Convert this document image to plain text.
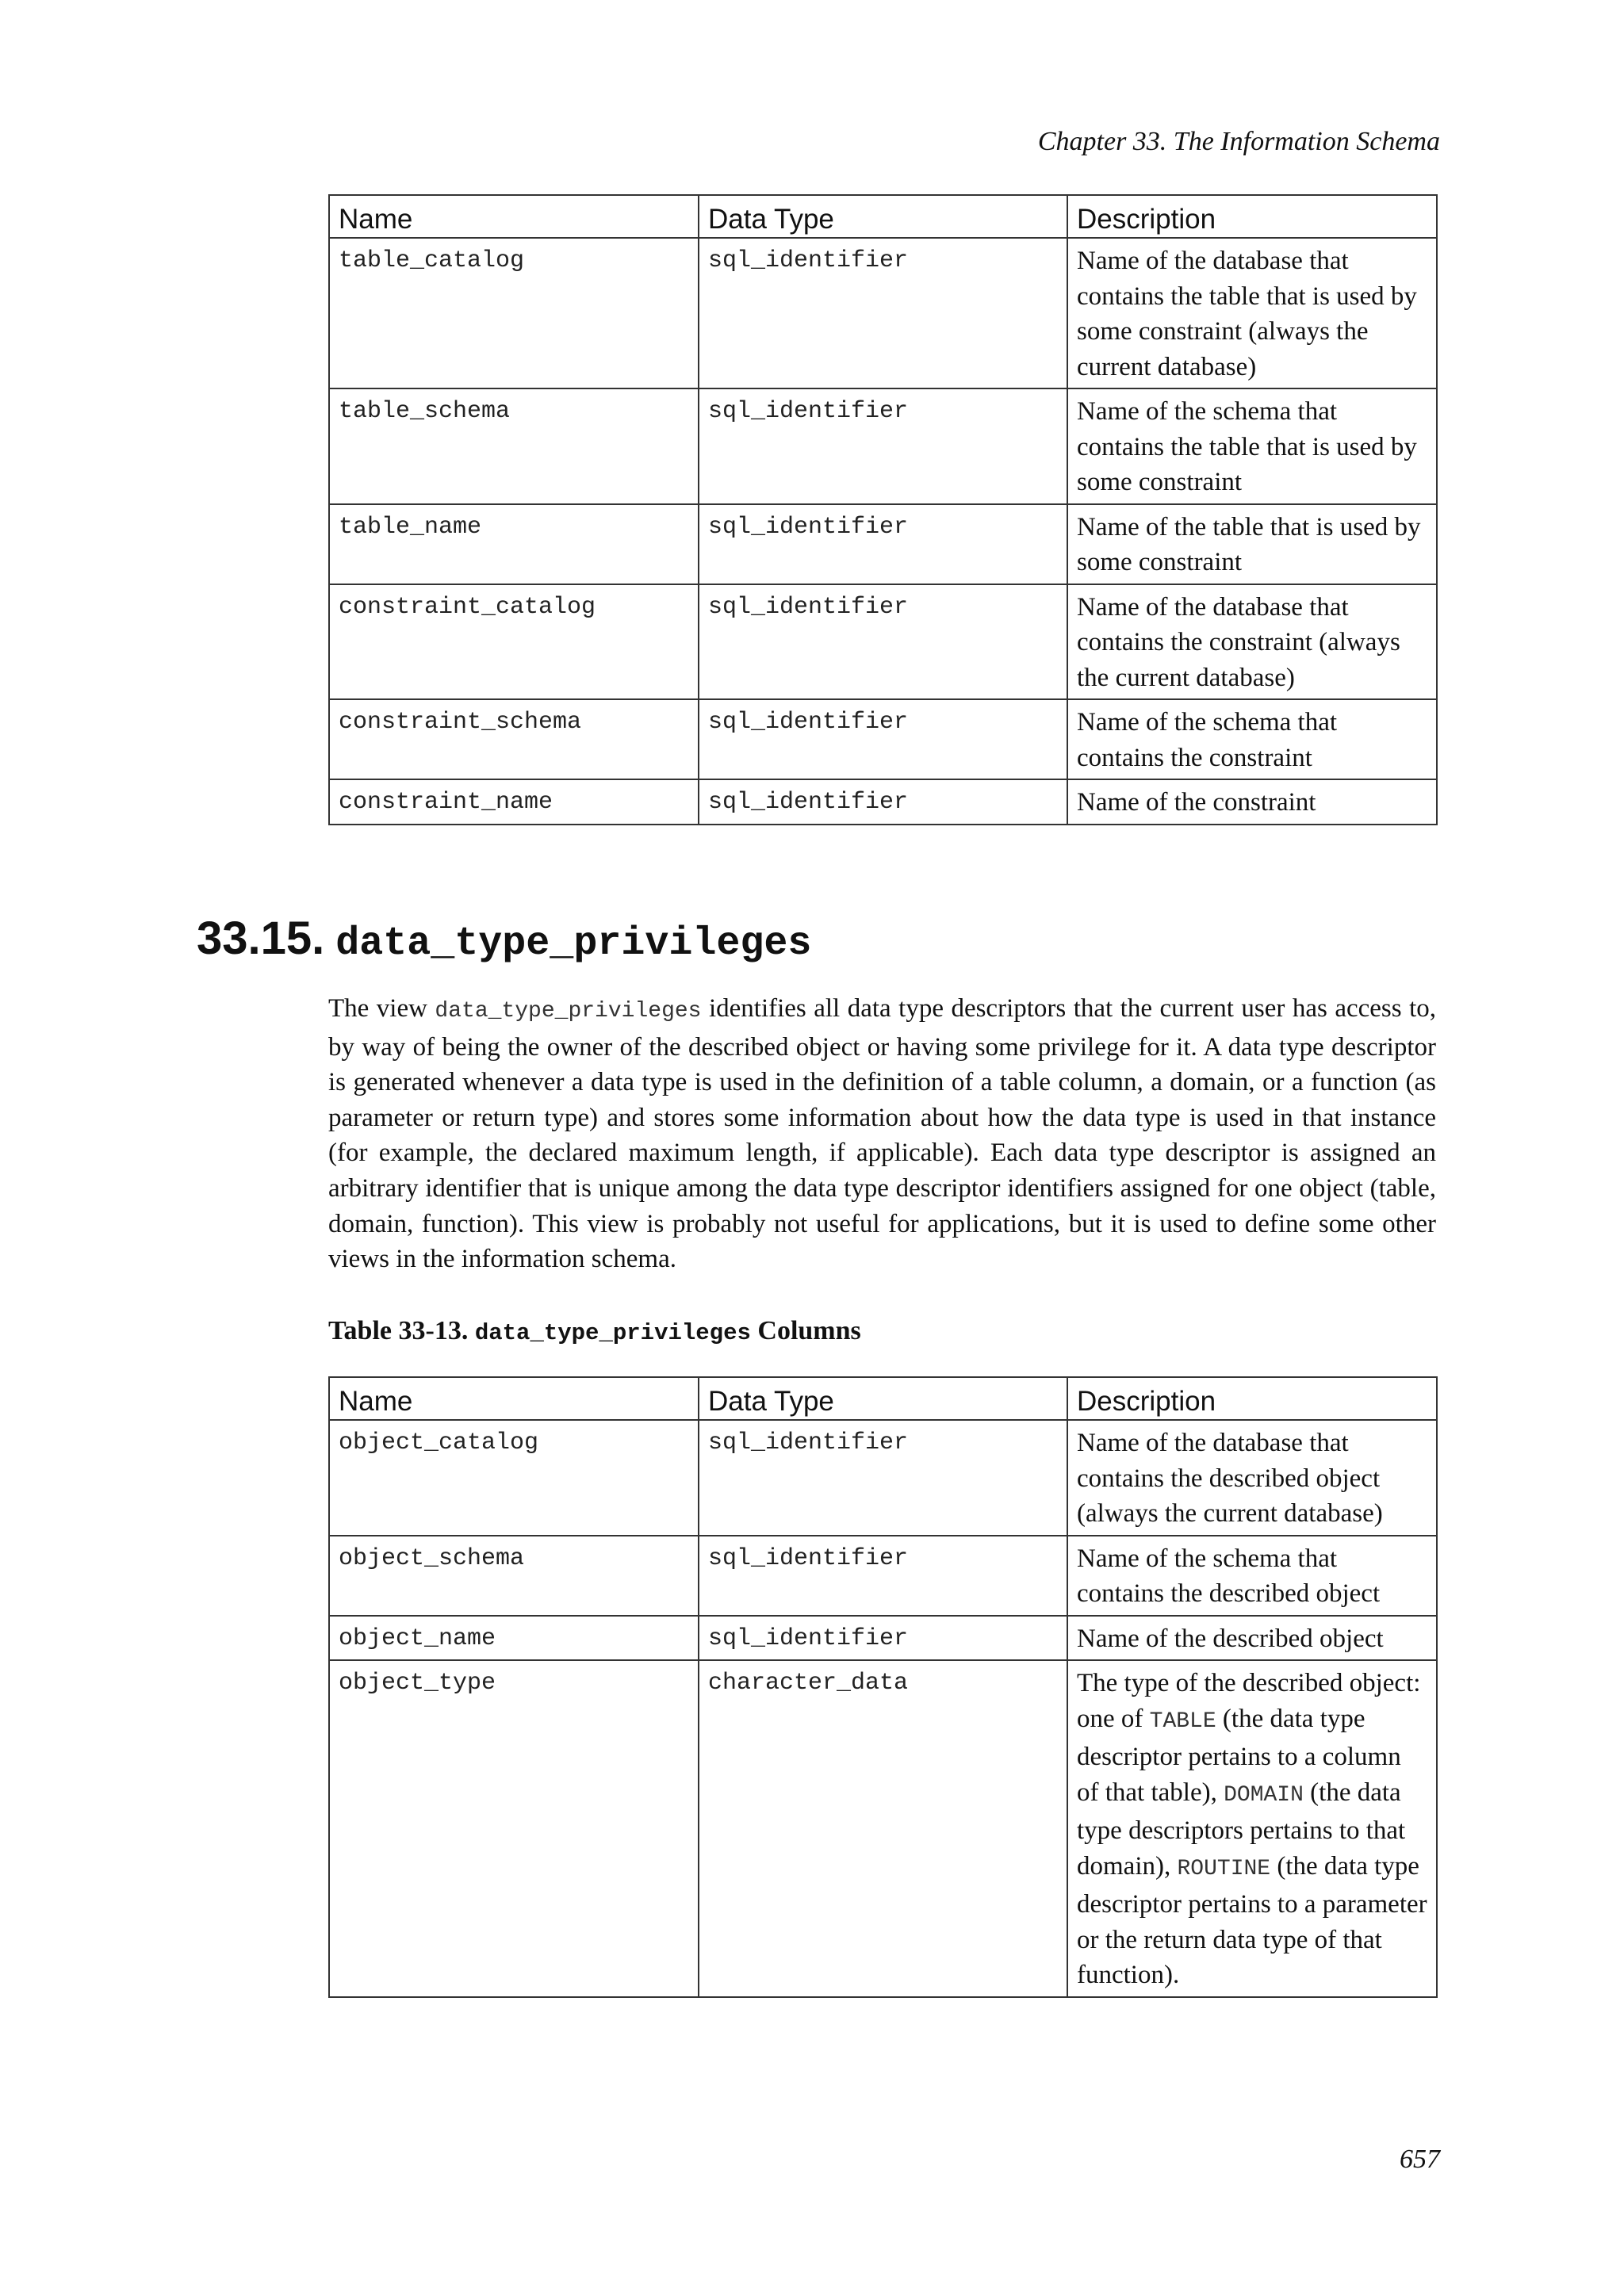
Chapter 33. The Information Schema
Name	Data Type	Description
table_catalog	sql_identifier	Name of the database that contains the table that is used by some constraint (always the current database)
table_schema	sql_identifier	Name of the schema that contains the table that is used by some constraint
table_name	sql_identifier	Name of the table that is used by some constraint
constraint_catalog	sql_identifier	Name of the database that contains the constraint (always the current database)
constraint_schema	sql_identifier	Name of the schema that contains the constraint
constraint_name	sql_identifier	Name of the constraint
33.15. data_type_privileges

The view data_type_privileges identifies all data type descriptors that the current user has access to, by way of being the owner of the described object or having some privilege for it. A data type descriptor is generated whenever a data type is used in the definition of a table column, a domain, or a function (as parameter or return type) and stores some information about how the data type is used in that instance (for example, the declared maximum length, if applicable). Each data type descriptor is assigned an arbitrary identifier that is unique among the data type descriptor identifiers assigned for one object (table, domain, function). This view is probably not useful for applications, but it is used to define some other views in the information schema.

Table 33-13. data_type_privileges Columns
Name	Data Type	Description
object_catalog	sql_identifier	Name of the database that contains the described object (always the current database)
object_schema	sql_identifier	Name of the schema that contains the described object
object_name	sql_identifier	Name of the described object
object_type	character_data	The type of the described object: one of TABLE (the data type descriptor pertains to a column of that table), DOMAIN (the data type descriptors pertains to that domain), ROUTINE (the data type descriptor pertains to a parameter or the return data type of that function).
657
